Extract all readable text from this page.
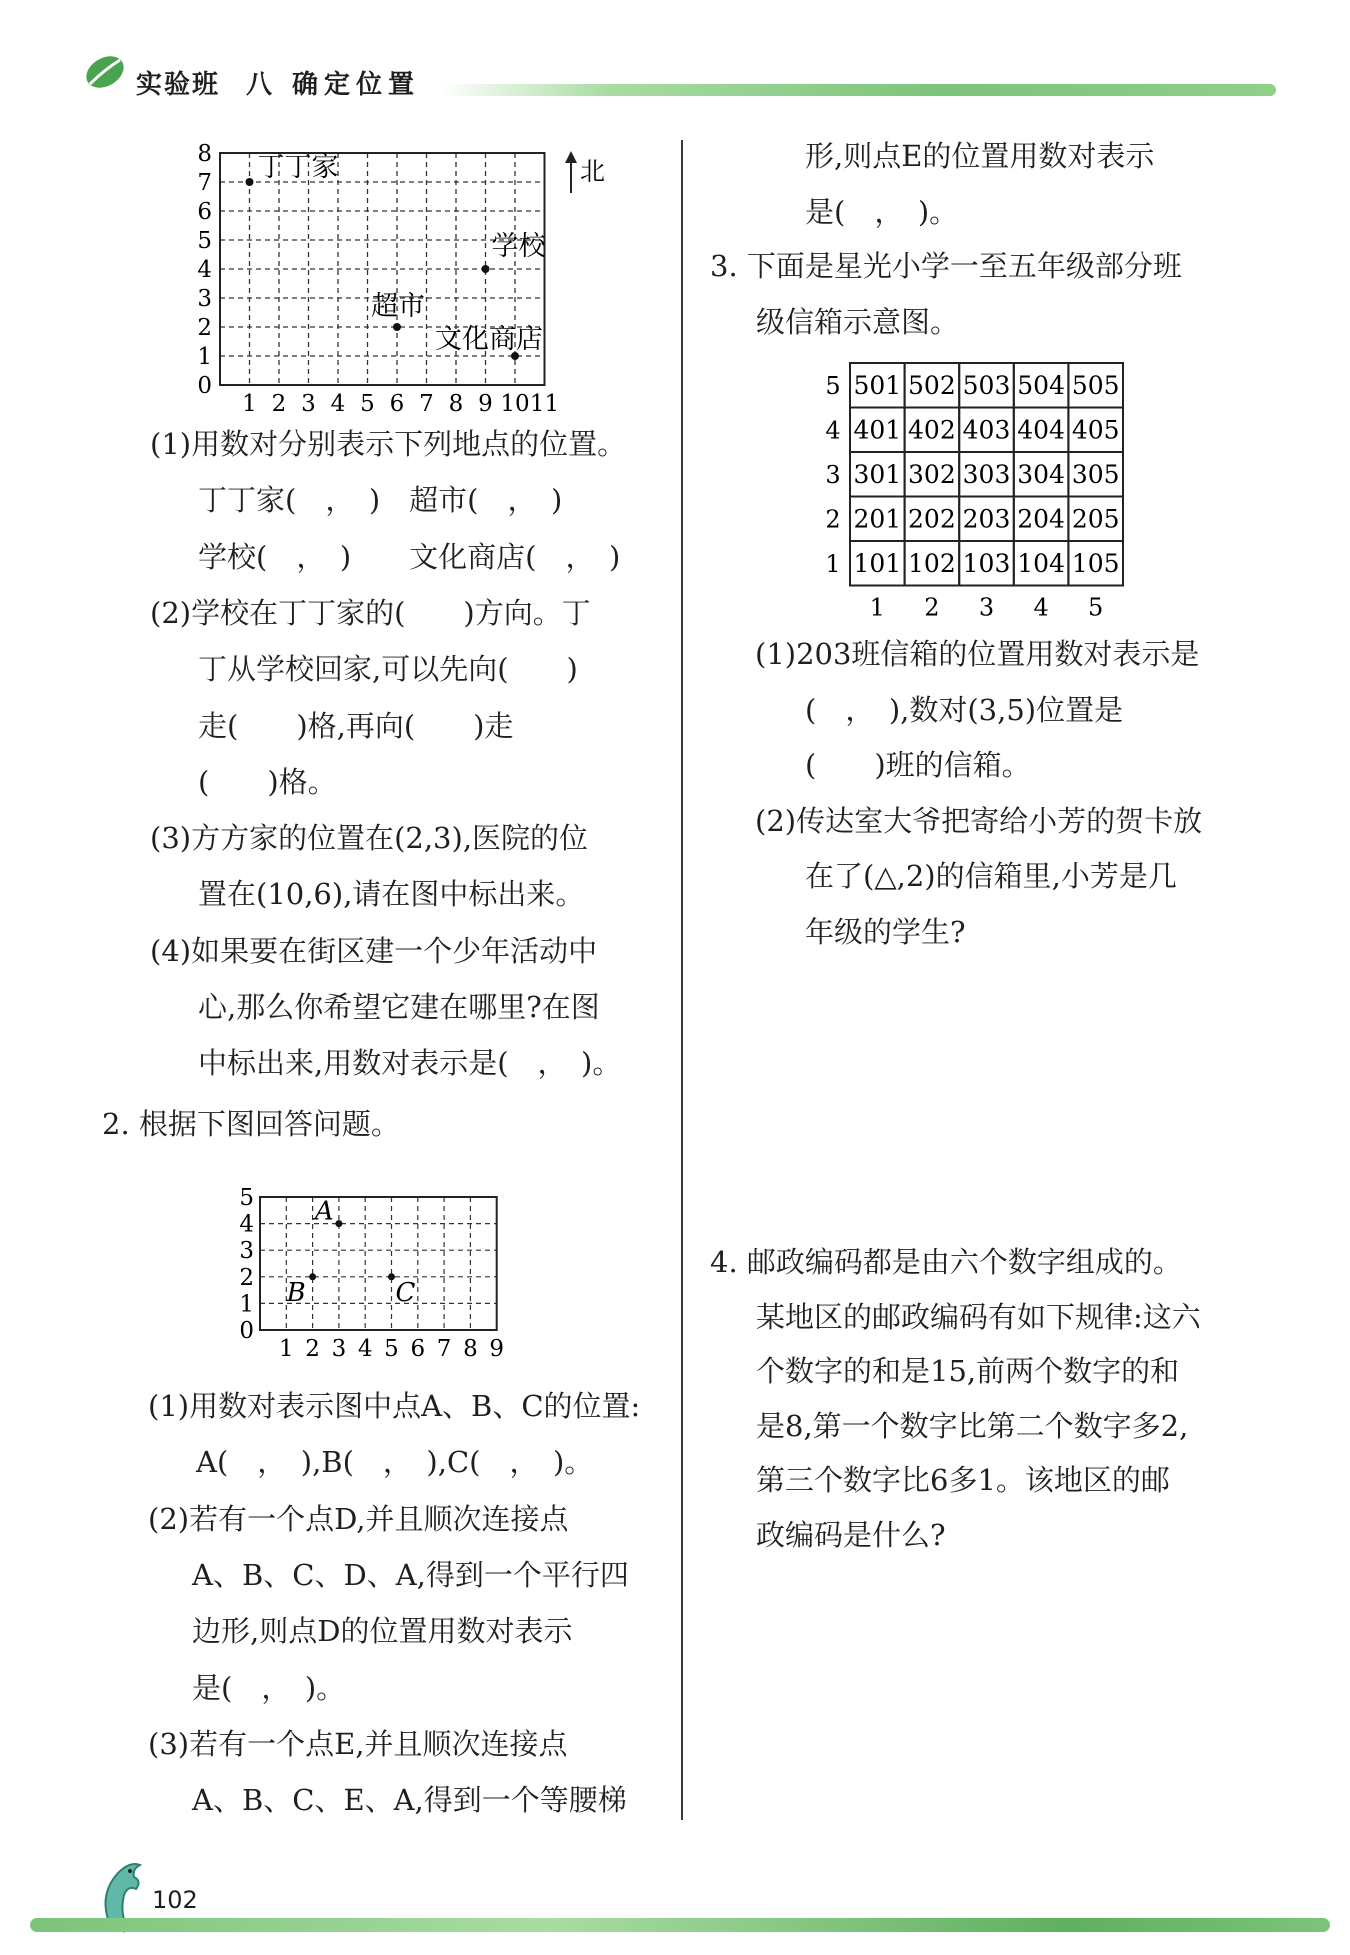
实验班 八 确定位置
1 2 3 4 5 6 7 8 9 10 11
0
1
2
3
4
5
6
7
8
北
丁丁家
学校
超市
文化商店
(1)用数对分别表示下列地点的位置。
丁丁家(　，　)　超市(　，　)
学校(　，　)　　文化商店(　，　)
(2)学校在丁丁家的(　　)方向。丁
丁从学校回家,可以先向(　　)
走(　　)格,再向(　　)走
(　　)格。
(3)方方家的位置在(2,3),医院的位
置在(10,6),请在图中标出来。
(4)如果要在街区建一个少年活动中
心,那么你希望它建在哪里?在图
中标出来,用数对表示是(　，　)。
2. 根据下图回答问题。
1 2 3 4 5 6 7 8 9
0
1
2
3
4
5 A
B	C
(1)用数对表示图中点A、B、C的位置:
A(　，　),B(　，　),C(　，　)。
(2)若有一个点D,并且顺次连接点
A、B、C、D、A,得到一个平行四
边形,则点D的位置用数对表示
是(　，　)。
(3)若有一个点E,并且顺次连接点
A、B、C、E、A,得到一个等腰梯
形,则点E的位置用数对表示
是(　，　)。
3. 下面是星光小学一至五年级部分班
级信箱示意图。
5 501 502 503 504 505
4 401 402 403 404 405
3 301 302 303 304 305
2 201 202 203 204 205
1 101 102 103 104 105
1 2 3 4 5
(1)203班信箱的位置用数对表示是
(　，　),数对(3,5)位置是
(　　)班的信箱。
(2)传达室大爷把寄给小芳的贺卡放
在了(△,2)的信箱里,小芳是几
年级的学生?
4. 邮政编码都是由六个数字组成的。
某地区的邮政编码有如下规律:这六
个数字的和是15,前两个数字的和
是8,第一个数字比第二个数字多2,
第三个数字比6多1。该地区的邮
政编码是什么?
102
